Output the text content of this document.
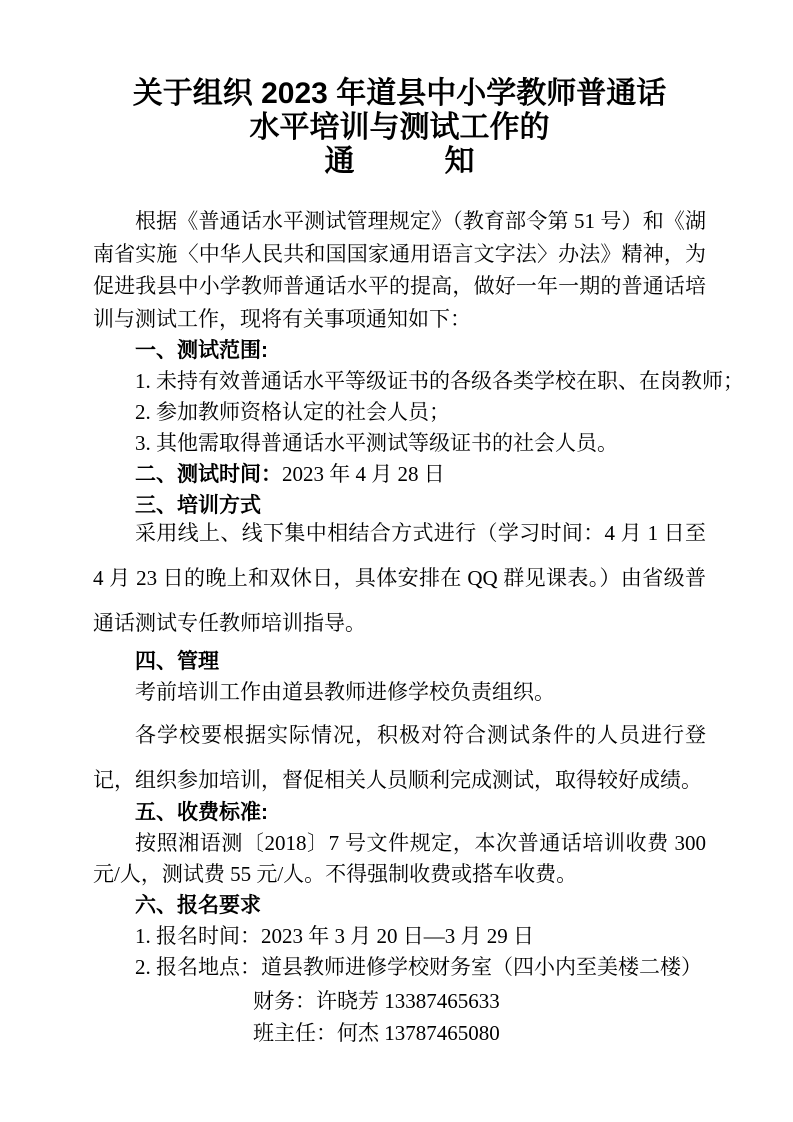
关于组织 2023 年道县中小学教师普通话
水平培训与测试工作的
通　　　知

根据《普通话水平测试管理规定》（教育部令第 51 号）和《湖南省实施〈中华人民共和国国家通用语言文字法〉办法》精神，为促进我县中小学教师普通话水平的提高，做好一年一期的普通话培训与测试工作，现将有关事项通知如下：

一、测试范围:

1. 未持有效普通话水平等级证书的各级各类学校在职、在岗教师；

2. 参加教师资格认定的社会人员；

3. 其他需取得普通话水平测试等级证书的社会人员。

二、测试时间：2023 年 4 月 28 日
三、培训方式

采用线上、线下集中相结合方式进行（学习时间：4 月 1 日至 4 月 23 日的晚上和双休日，具体安排在 QQ 群见课表。）由省级普通话测试专任教师培训指导。

四、管理

考前培训工作由道县教师进修学校负责组织。

各学校要根据实际情况，积极对符合测试条件的人员进行登记，组织参加培训，督促相关人员顺利完成测试，取得较好成绩。

五、收费标准:

按照湘语测〔2018〕7 号文件规定，本次普通话培训收费 300 元/人，测试费 55 元/人。不得强制收费或搭车收费。

六、报名要求

1. 报名时间：2023 年 3 月 20 日—3 月 29 日

2. 报名地点：道县教师进修学校财务室（四小内至美楼二楼）

财务：许晓芳 13387465633

班主任：何杰 13787465080
